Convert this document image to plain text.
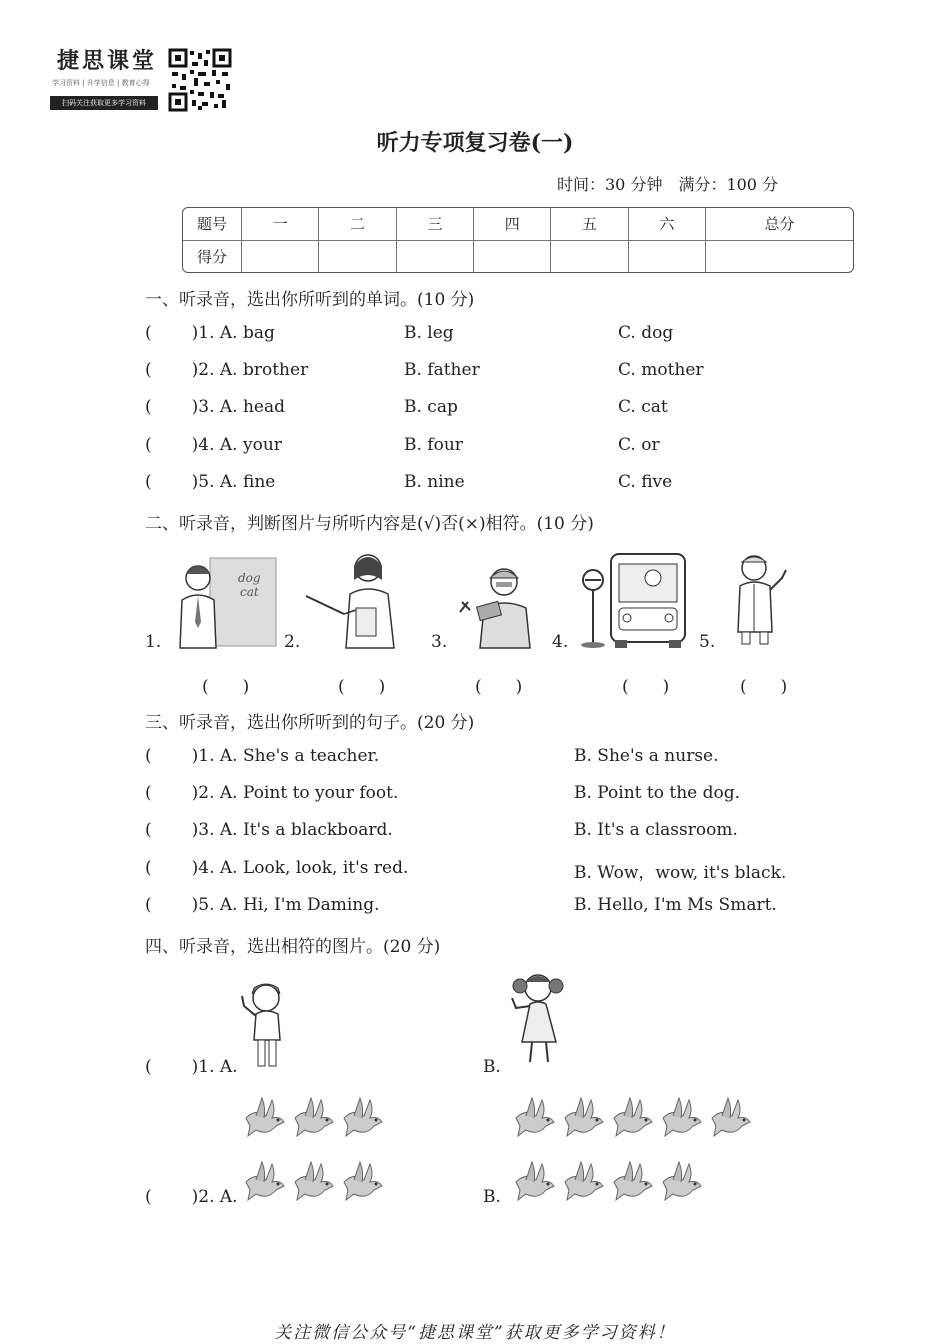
捷思课堂
学习资料 | 升学信息 | 教育心得
扫码关注获取更多学习资料
听力专项复习卷(一)
时间：30 分钟　满分：100 分
题号	一	二	三	四	五	六	总分
得分							
一、听录音，选出你所听到的单词。(10 分)
( )1. A. bag	B. leg	C. dog
( )2. A. brother	B. father	C. mother
( )3. A. head	B. cap	C. cat
( )4. A. your	B. four	C. or
( )5. A. fine	B. nine	C. five
二、听录音，判断图片与所听内容是(√)否(×)相符。(10 分)
1.
dog
cat
2.	3.	4.	5.
(　　)	(　　)	(　　)	(　　)	(　　)
三、听录音，选出你所听到的句子。(20 分)
( )1. A. She's a teacher.	B. She's a nurse.
( )2. A. Point to your foot.	B. Point to the dog.
( )3. A. It's a blackboard.	B. It's a classroom.
( )4. A. Look, look, it's red.	B. Wow，wow, it's black.
( )5. A. Hi, I'm Daming.	B. Hello, I'm Ms Smart.
四、听录音，选出相符的图片。(20 分)
( )1. A.	B.
( )2. A.	B.
关注微信公众号“捷思课堂”获取更多学习资料！
